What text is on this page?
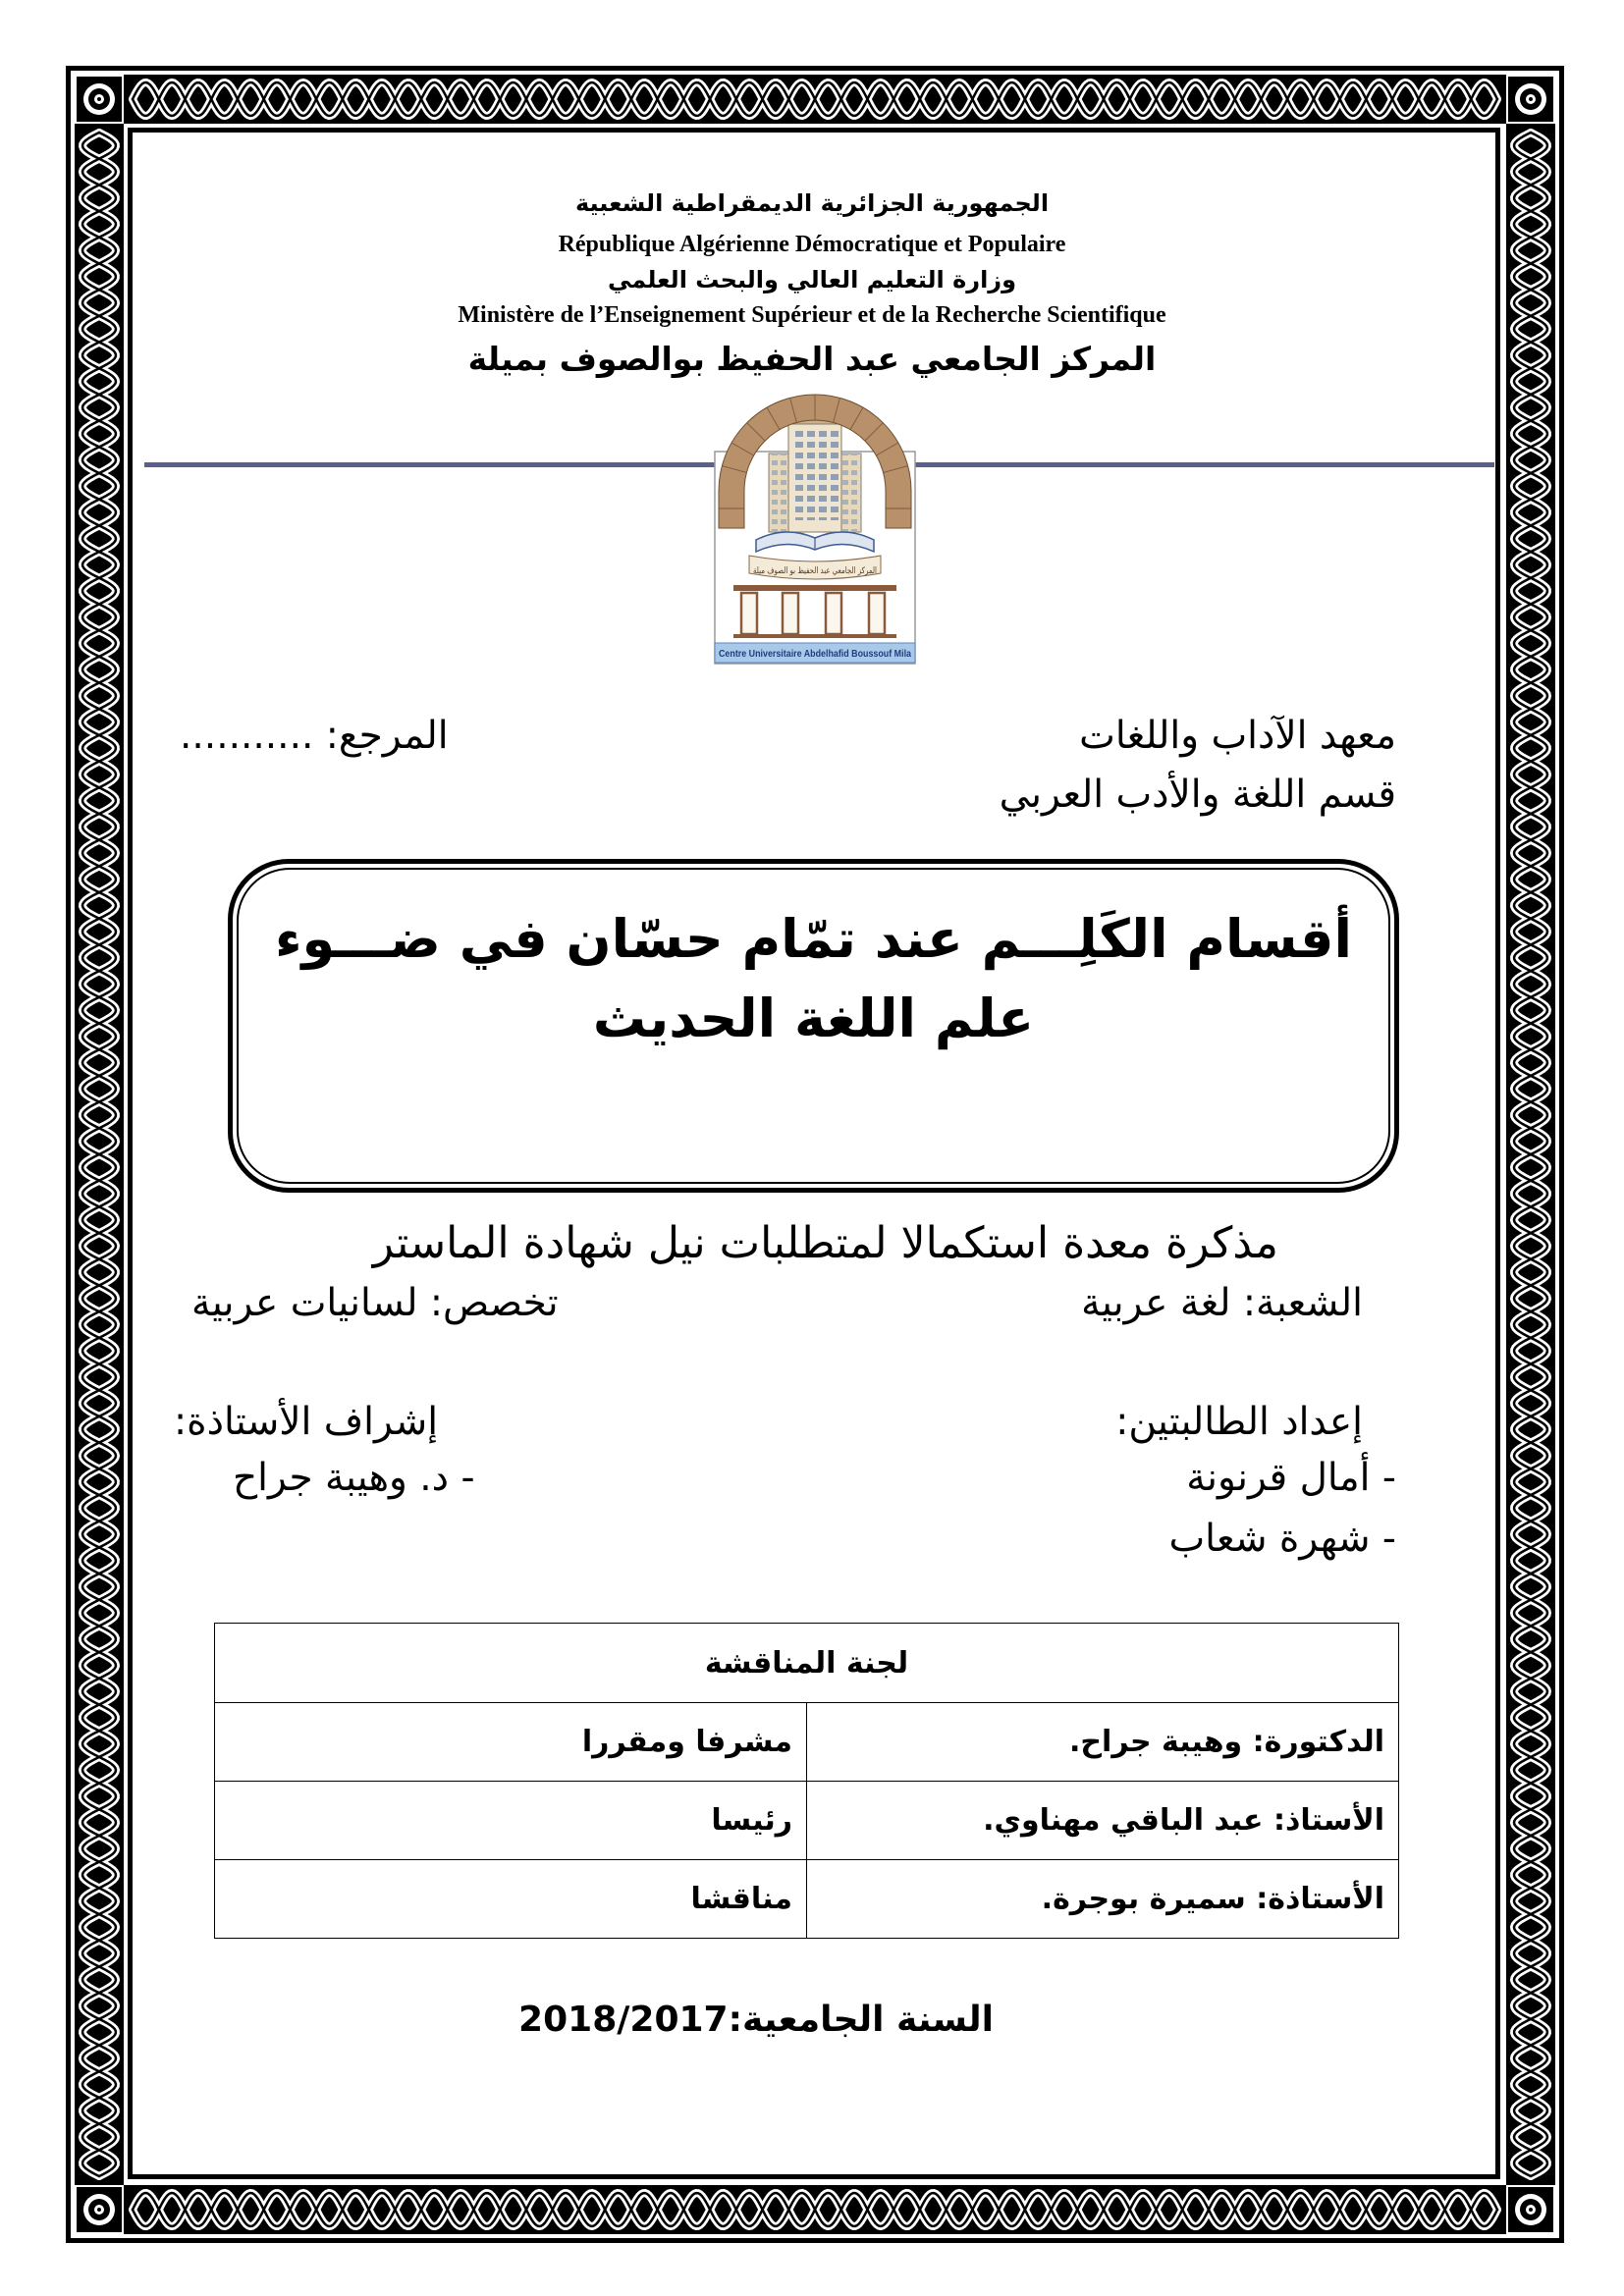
الجمهورية الجزائرية الديمقراطية الشعبية
République Algérienne Démocratique et Populaire
وزارة التعليم العالي والبحث العلمي
Ministère de l’Enseignement Supérieur et de la Recherche Scientifique
المركز الجامعي عبد الحفيظ بوالصوف بميلة
المركز الجامعي عبد الحفيظ بو الصوف ميلة
Centre Universitaire Abdelhafid Boussouf Mila
معهد الآداب واللغات
المرجع: ...........
قسم اللغة والأدب العربي
أقسام الكَلِـــم عند تمّام حسّان في ضـــوء
علم اللغة الحديث
مذكرة معدة استكمالا لمتطلبات نيل شهادة الماستر
الشعبة: لغة عربية
تخصص: لسانيات عربية
إعداد الطالبتين:
إشراف الأستاذة:
- أمال قرنونة
- د. وهيبة جراح
- شهرة شعاب
لجنة المناقشة	
الدكتورة: وهيبة جراح.	مشرفا ومقررا
الأستاذ: عبد الباقي مهناوي.	رئيسا
الأستاذة: سميرة بوجرة.	مناقشا
السنة الجامعية:2018/2017
